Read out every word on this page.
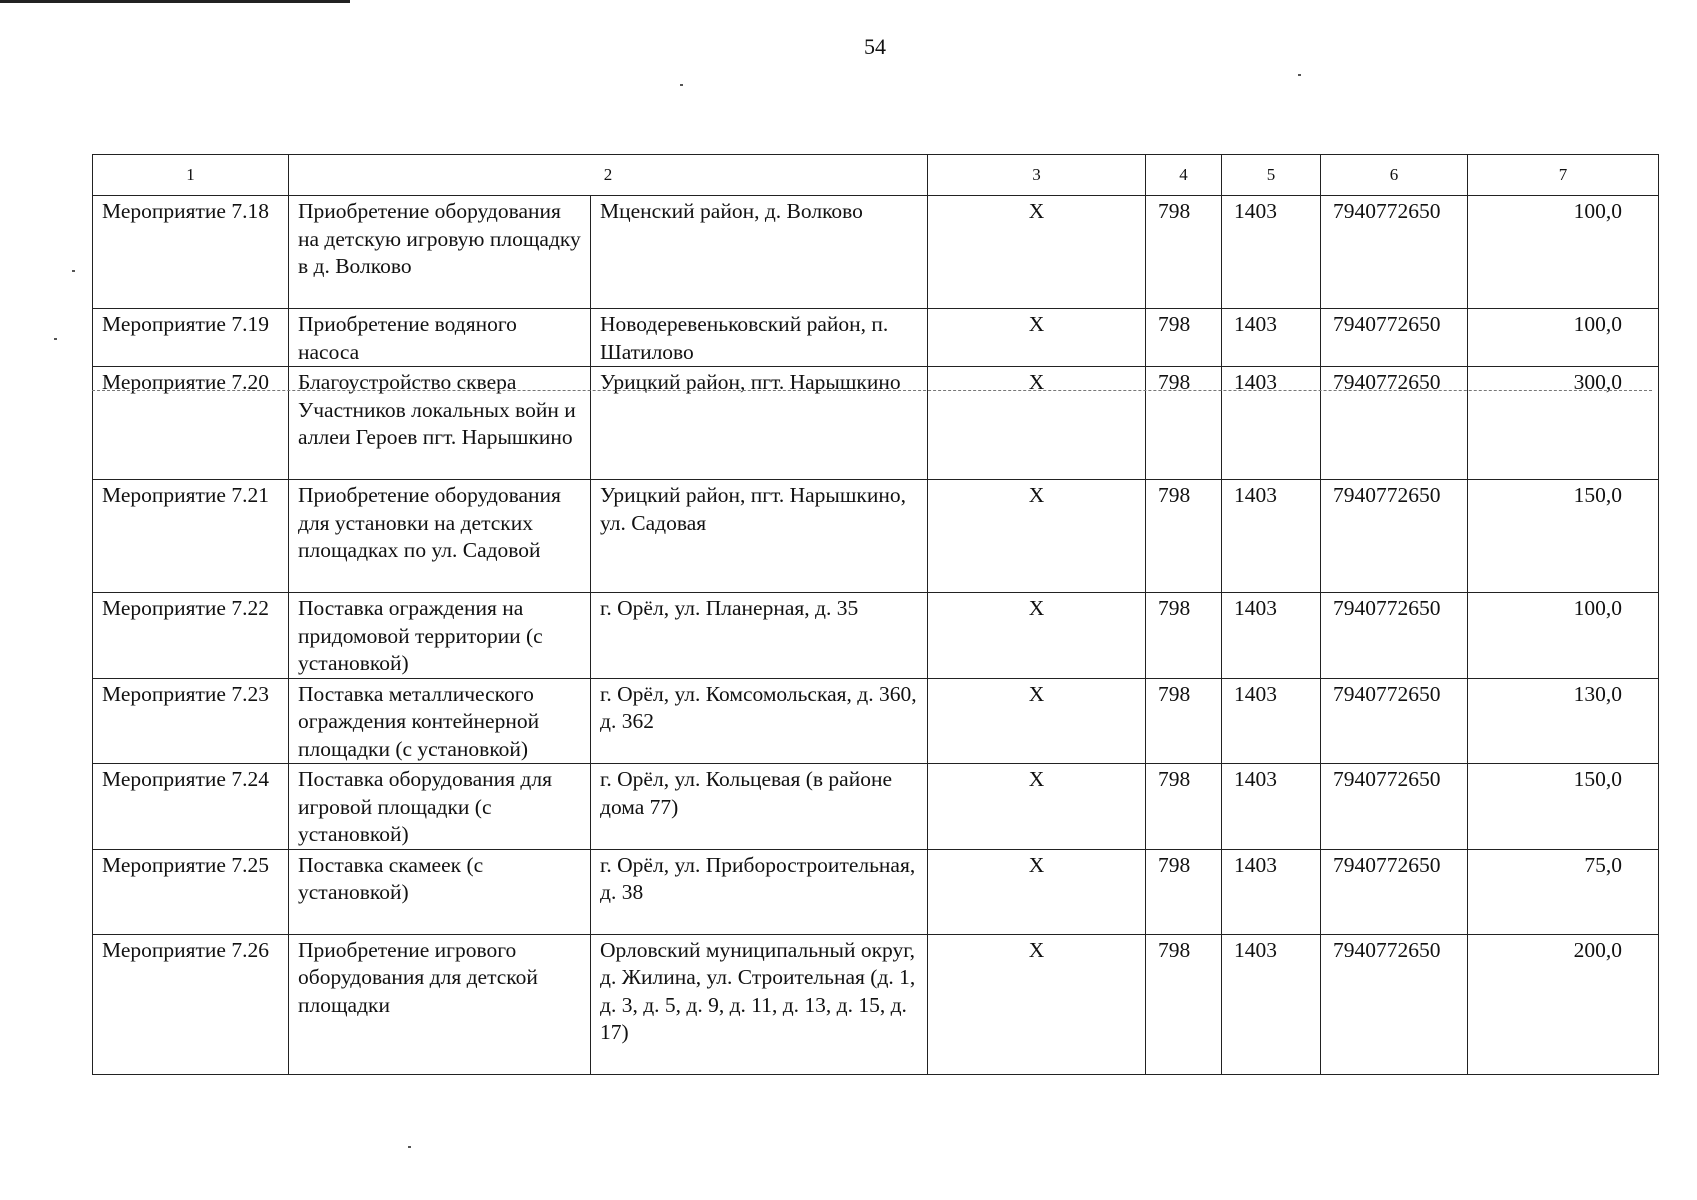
54
1	2		3	4	5	6	7
Мероприятие 7.18	Приобретение оборудования на детскую игровую площадку в д. Волково	Мценский район, д. Волково	Х	798	1403	7940772650	100,0
Мероприятие 7.19	Приобретение водяного насоса	Новодеревеньковский район, п. Шатилово	Х	798	1403	7940772650	100,0
Мероприятие 7.20	Благоустройство сквера Участников локальных войн и аллеи Героев пгт. Нарышкино	Урицкий район, пгт. Нарышкино	Х	798	1403	7940772650	300,0
Мероприятие 7.21	Приобретение оборудования для установки на детских площадках по ул. Садовой	Урицкий район, пгт. Нарышкино, ул. Садовая	Х	798	1403	7940772650	150,0
Мероприятие 7.22	Поставка ограждения на придомовой территории (с установкой)	г. Орёл, ул. Планерная, д. 35	Х	798	1403	7940772650	100,0
Мероприятие 7.23	Поставка металлического ограждения контейнерной площадки (с установкой)	г. Орёл, ул. Комсомольская, д. 360, д. 362	Х	798	1403	7940772650	130,0
Мероприятие 7.24	Поставка оборудования для игровой площадки (с установкой)	г. Орёл, ул. Кольцевая (в районе дома 77)	Х	798	1403	7940772650	150,0
Мероприятие 7.25	Поставка скамеек (с установкой)	г. Орёл, ул. Приборостроительная, д. 38	Х	798	1403	7940772650	75,0
Мероприятие 7.26	Приобретение игрового оборудования для детской площадки	Орловский муниципальный округ, д. Жилина, ул. Строительная (д. 1, д. 3, д. 5, д. 9, д. 11, д. 13, д. 15, д. 17)	Х	798	1403	7940772650	200,0
